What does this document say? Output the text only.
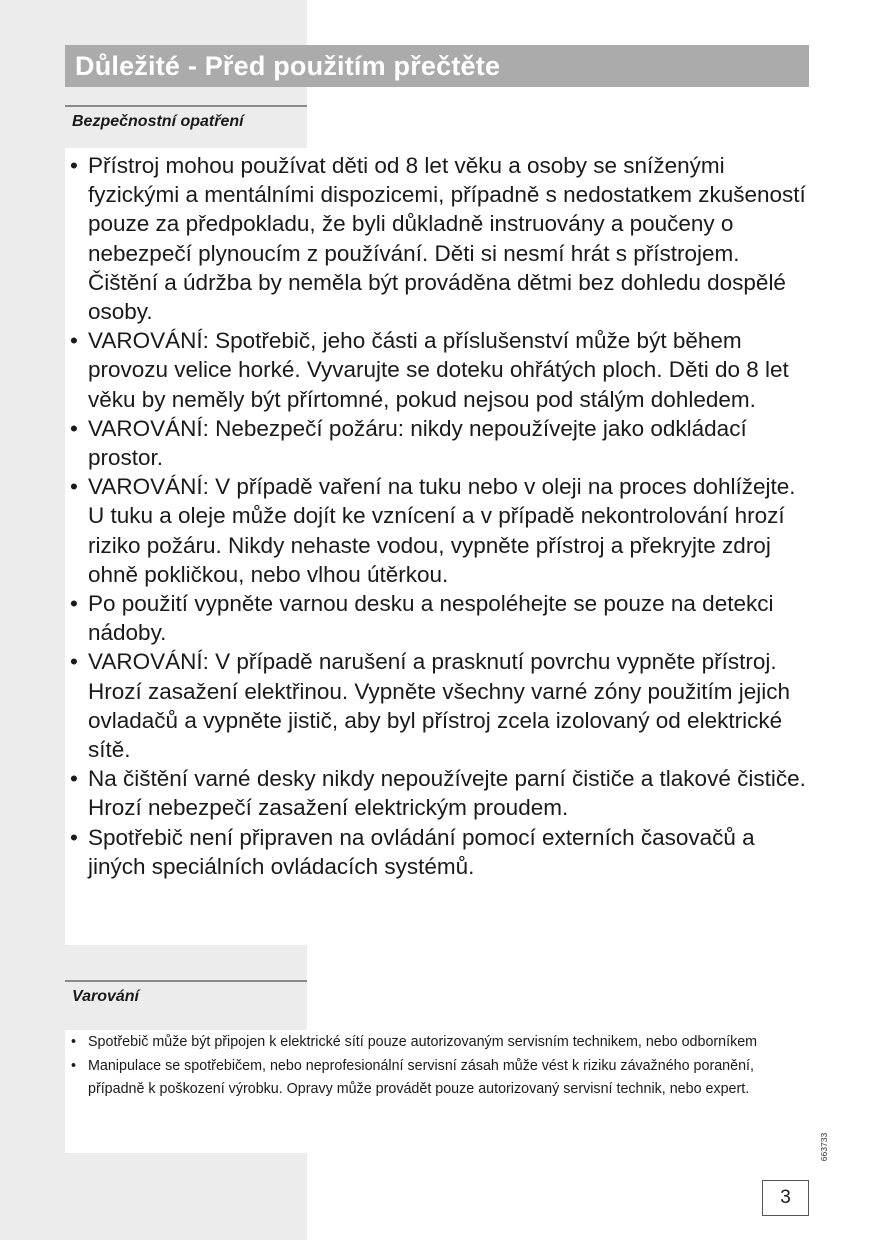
Důležité - Před použitím přečtěte
Bezpečnostní opatření
• Přístroj mohou používat děti od 8 let věku a osoby se sníženými fyzickými a mentálními dispozicemi, případně s nedostatkem zkušeností pouze za předpokladu, že byli důkladně instruovány a poučeny o nebezpečí plynoucím z používání. Děti si nesmí hrát s přístrojem. Čištění a údržba by neměla být prováděna dětmi bez dohledu dospělé osoby.
• VAROVÁNÍ: Spotřebič, jeho části a příslušenství může být během provozu velice horké. Vyvarujte se doteku ohřátých ploch. Děti do 8 let věku by neměly být přírtomné, pokud nejsou pod stálým dohledem.
• VAROVÁNÍ: Nebezpečí požáru: nikdy nepoužívejte jako odkládací prostor.
• VAROVÁNÍ: V případě vaření na tuku nebo v oleji na proces dohlížejte. U tuku a oleje může dojít ke vznícení a v případě nekontrolování hrozí riziko požáru. Nikdy nehaste vodou, vypněte přístroj a překryjte zdroj ohně pokličkou, nebo vlhou útěrkou.
• Po použití vypněte varnou desku a nespoléhejte se pouze na detekci nádoby.
• VAROVÁNÍ: V případě narušení a prasknutí povrchu vypněte přístroj. Hrozí zasažení elektřinou. Vypněte všechny varné zóny použitím jejich ovladačů a vypněte jistič, aby byl přístroj zcela izolovaný od elektrické sítě.
• Na čištění varné desky nikdy nepoužívejte parní čističe a tlakové čističe. Hrozí nebezpečí zasažení elektrickým proudem.
• Spotřebič není připraven na ovládání pomocí externích časovačů a jiných speciálních ovládacích systémů.
Varování
• Spotřebič může být připojen k elektrické sítí pouze autorizovaným servisním technikem, nebo odborníkem
• Manipulace se spotřebičem, nebo neprofesionální servisní zásah může vést k riziku závažného poranění, případně k poškození výrobku. Opravy může provádět pouze autorizovaný servisní technik, nebo expert.
663733
3
